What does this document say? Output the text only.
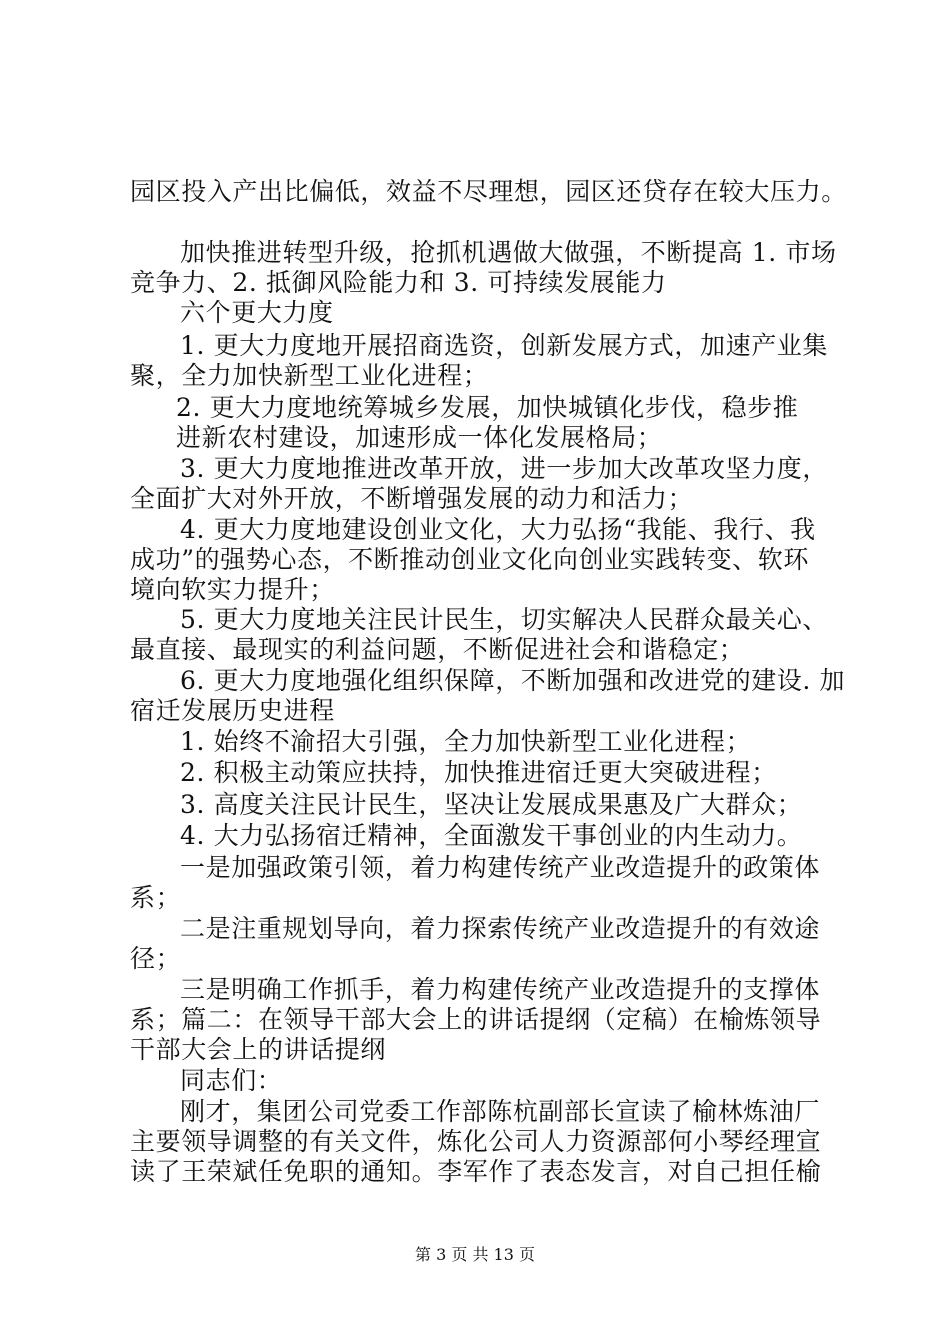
园区投入产出比偏低，效益不尽理想，园区还贷存在较大压力。
加快推进转型升级，抢抓机遇做大做强，不断提高 1. 市场
竞争力、2. 抵御风险能力和 3. 可持续发展能力
六个更大力度
1. 更大力度地开展招商选资，创新发展方式，加速产业集
聚，全力加快新型工业化进程；
2. 更大力度地统筹城乡发展，加快城镇化步伐，稳步推
进新农村建设，加速形成一体化发展格局；
3. 更大力度地推进改革开放，进一步加大改革攻坚力度，
全面扩大对外开放，不断增强发展的动力和活力；
4. 更大力度地建设创业文化，大力弘扬“我能、我行、我
成功”的强势心态，不断推动创业文化向创业实践转变、软环
境向软实力提升；
5. 更大力度地关注民计民生，切实解决人民群众最关心、
最直接、最现实的利益问题，不断促进社会和谐稳定；
6. 更大力度地强化组织保障，不断加强和改进党的建设. 加
宿迁发展历史进程
1. 始终不渝招大引强，全力加快新型工业化进程；
2. 积极主动策应扶持，加快推进宿迁更大突破进程；
3. 高度关注民计民生，坚决让发展成果惠及广大群众；
4. 大力弘扬宿迁精神，全面激发干事创业的内生动力。
一是加强政策引领，着力构建传统产业改造提升的政策体
系；
二是注重规划导向，着力探索传统产业改造提升的有效途
径；
三是明确工作抓手，着力构建传统产业改造提升的支撑体
系；篇二：在领导干部大会上的讲话提纲（定稿）在榆炼领导
干部大会上的讲话提纲
同志们：
刚才，集团公司党委工作部陈杭副部长宣读了榆林炼油厂
主要领导调整的有关文件，炼化公司人力资源部何小琴经理宣
读了王荣斌任免职的通知。李军作了表态发言，对自己担任榆
第 3 页 共 13 页
